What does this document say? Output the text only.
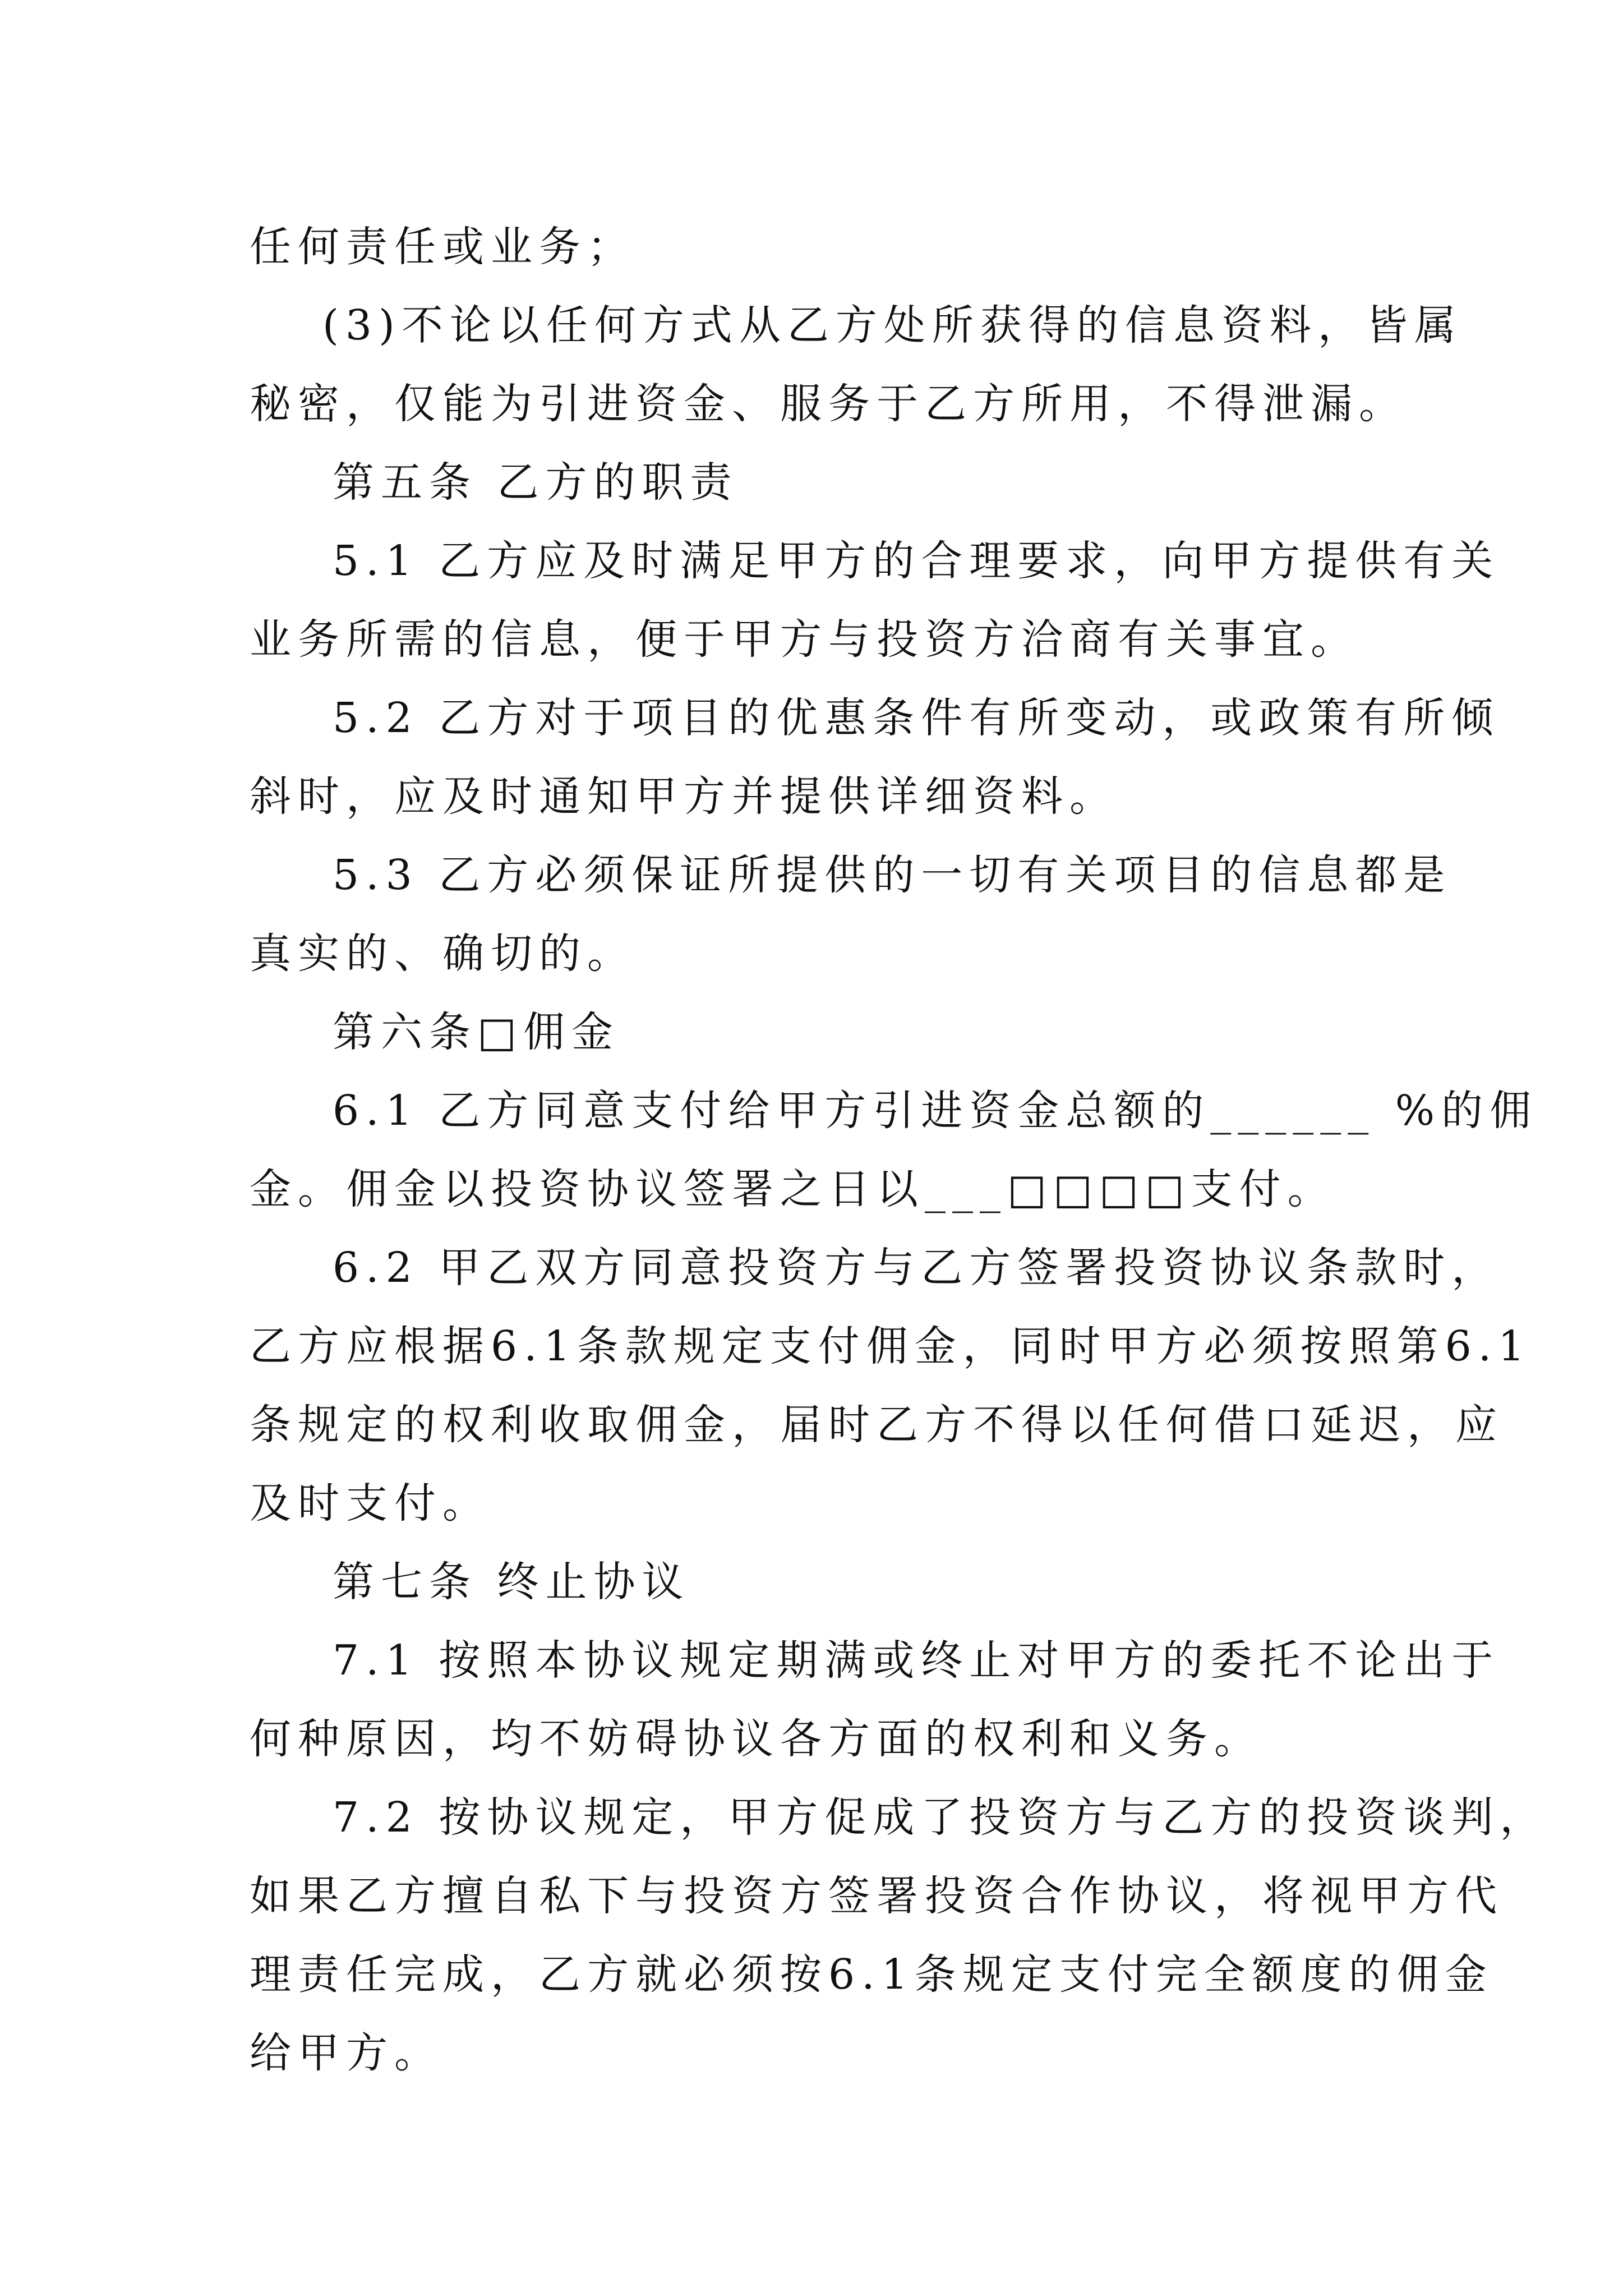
任何责任或业务；
(3)不论以任何方式从乙方处所获得的信息资料，皆属
秘密，仅能为引进资金、服务于乙方所用，不得泄漏。
第五条 乙方的职责
5.1 乙方应及时满足甲方的合理要求，向甲方提供有关
业务所需的信息，便于甲方与投资方洽商有关事宜。
5.2 乙方对于项目的优惠条件有所变动，或政策有所倾
斜时，应及时通知甲方并提供详细资料。
5.3 乙方必须保证所提供的一切有关项目的信息都是
真实的、确切的。
第六条□佣金
6.1 乙方同意支付给甲方引进资金总额的______ %的佣
金。佣金以投资协议签署之日以___□□□□支付。
6.2 甲乙双方同意投资方与乙方签署投资协议条款时，
乙方应根据6.1条款规定支付佣金，同时甲方必须按照第6.1
条规定的权利收取佣金，届时乙方不得以任何借口延迟，应
及时支付。
第七条 终止协议
7.1 按照本协议规定期满或终止对甲方的委托不论出于
何种原因，均不妨碍协议各方面的权利和义务。
7.2 按协议规定，甲方促成了投资方与乙方的投资谈判，
如果乙方擅自私下与投资方签署投资合作协议，将视甲方代
理责任完成，乙方就必须按6.1条规定支付完全额度的佣金
给甲方。
